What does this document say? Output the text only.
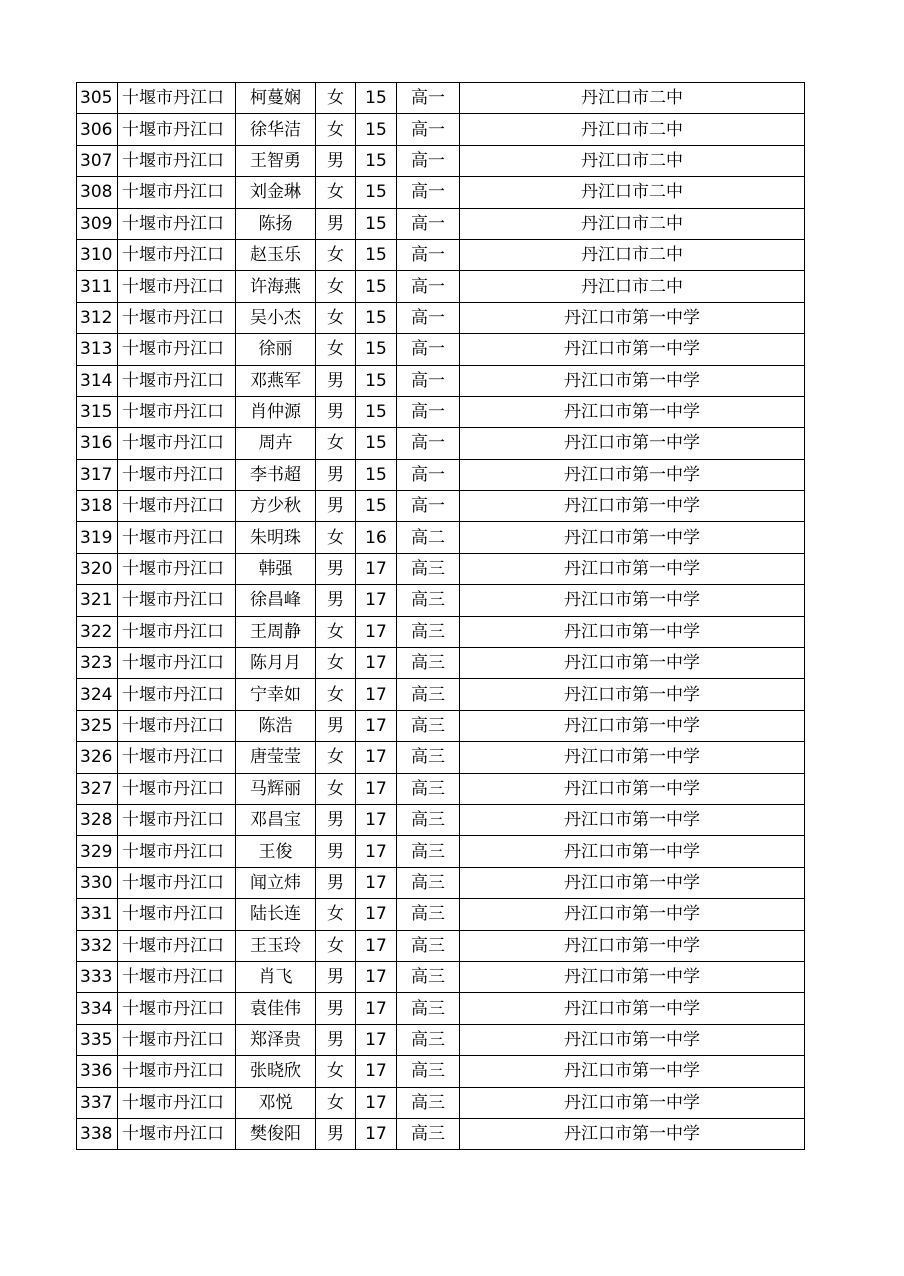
305	十堰市丹江口	柯蔓娴	女	15	高一	丹江口市二中
306	十堰市丹江口	徐华洁	女	15	高一	丹江口市二中
307	十堰市丹江口	王智勇	男	15	高一	丹江口市二中
308	十堰市丹江口	刘金琳	女	15	高一	丹江口市二中
309	十堰市丹江口	陈扬	男	15	高一	丹江口市二中
310	十堰市丹江口	赵玉乐	女	15	高一	丹江口市二中
311	十堰市丹江口	许海燕	女	15	高一	丹江口市二中
312	十堰市丹江口	吴小杰	女	15	高一	丹江口市第一中学
313	十堰市丹江口	徐丽	女	15	高一	丹江口市第一中学
314	十堰市丹江口	邓燕军	男	15	高一	丹江口市第一中学
315	十堰市丹江口	肖仲源	男	15	高一	丹江口市第一中学
316	十堰市丹江口	周卉	女	15	高一	丹江口市第一中学
317	十堰市丹江口	李书超	男	15	高一	丹江口市第一中学
318	十堰市丹江口	方少秋	男	15	高一	丹江口市第一中学
319	十堰市丹江口	朱明珠	女	16	高二	丹江口市第一中学
320	十堰市丹江口	韩强	男	17	高三	丹江口市第一中学
321	十堰市丹江口	徐昌峰	男	17	高三	丹江口市第一中学
322	十堰市丹江口	王周静	女	17	高三	丹江口市第一中学
323	十堰市丹江口	陈月月	女	17	高三	丹江口市第一中学
324	十堰市丹江口	宁幸如	女	17	高三	丹江口市第一中学
325	十堰市丹江口	陈浩	男	17	高三	丹江口市第一中学
326	十堰市丹江口	唐莹莹	女	17	高三	丹江口市第一中学
327	十堰市丹江口	马辉丽	女	17	高三	丹江口市第一中学
328	十堰市丹江口	邓昌宝	男	17	高三	丹江口市第一中学
329	十堰市丹江口	王俊	男	17	高三	丹江口市第一中学
330	十堰市丹江口	闻立炜	男	17	高三	丹江口市第一中学
331	十堰市丹江口	陆长连	女	17	高三	丹江口市第一中学
332	十堰市丹江口	王玉玲	女	17	高三	丹江口市第一中学
333	十堰市丹江口	肖飞	男	17	高三	丹江口市第一中学
334	十堰市丹江口	袁佳伟	男	17	高三	丹江口市第一中学
335	十堰市丹江口	郑泽贵	男	17	高三	丹江口市第一中学
336	十堰市丹江口	张晓欣	女	17	高三	丹江口市第一中学
337	十堰市丹江口	邓悦	女	17	高三	丹江口市第一中学
338	十堰市丹江口	樊俊阳	男	17	高三	丹江口市第一中学
